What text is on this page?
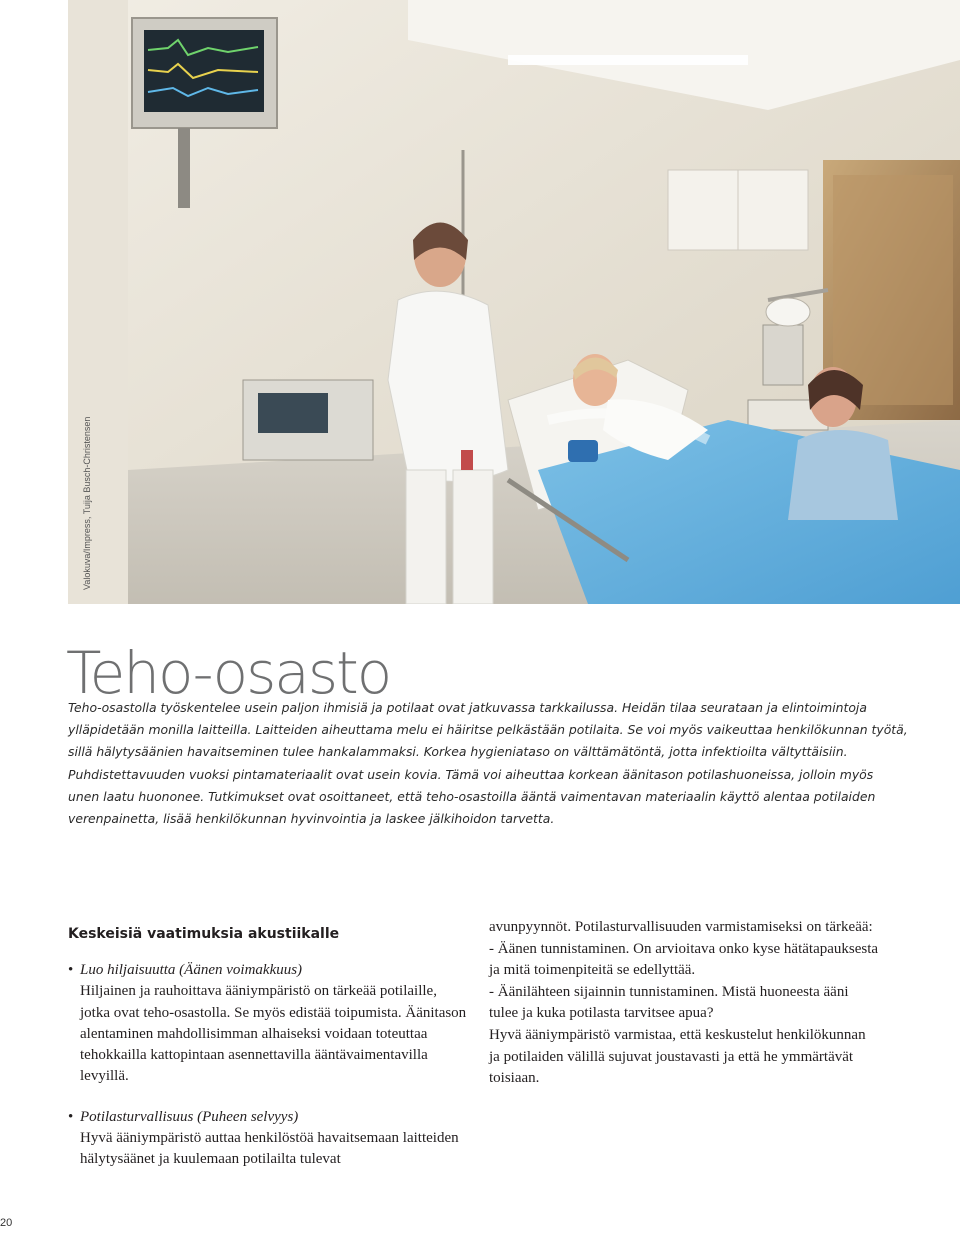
Valokuva/Impress, Tuija Busch-Christensen
Teho-osasto

Teho-osastolla työskentelee usein paljon ihmisiä ja potilaat ovat jatkuvassa tarkkailussa. Heidän tilaa seurataan ja elintoimintoja ylläpidetään monilla laitteilla. Laitteiden aiheuttama melu ei häiritse pelkästään potilaita. Se voi myös vaikeuttaa henkilökunnan työtä, sillä hälytysäänien havaitseminen tulee hankalammaksi. Korkea hygieniataso on välttämätöntä, jotta infektioilta vältyttäisiin. Puhdistettavuuden vuoksi pintamateriaalit ovat usein kovia. Tämä voi aiheuttaa korkean äänitason potilashuoneissa, jolloin myös unen laatu huononee. Tutkimukset ovat osoittaneet, että teho-osastoilla ääntä vaimentavan materiaalin käyttö alentaa potilaiden verenpainetta, lisää henkilökunnan hyvinvointia ja laskee jälkihoidon tarvetta.

Keskeisiä vaatimuksia akustiikalle
• Luo hiljaisuutta (Äänen voimakkuus)

Hiljainen ja rauhoittava ääniympäristö on tärkeää potilaille, jotka ovat teho-osastolla. Se myös edistää toipumista. Äänitason alentaminen mahdollisimman alhaiseksi voidaan toteuttaa tehokkailla kattopintaan asennettavilla ääntävaimentavilla levyillä.

• Potilasturvallisuus (Puheen selvyys)

Hyvä ääniympäristö auttaa henkilöstöä havaitsemaan laitteiden hälytysäänet ja kuulemaan potilailta tulevat

avunpyynnöt. Potilasturvallisuuden varmistamiseksi on tärkeää:

- Äänen tunnistaminen. On arvioitava onko kyse hätätapauksesta ja mitä toimenpiteitä se edellyttää.

- Äänilähteen sijainnin tunnistaminen. Mistä huoneesta ääni tulee ja kuka potilasta tarvitsee apua?

Hyvä ääniympäristö varmistaa, että keskustelut henkilökunnan ja potilaiden välillä sujuvat joustavasti ja että he ymmärtävät toisiaan.

20
